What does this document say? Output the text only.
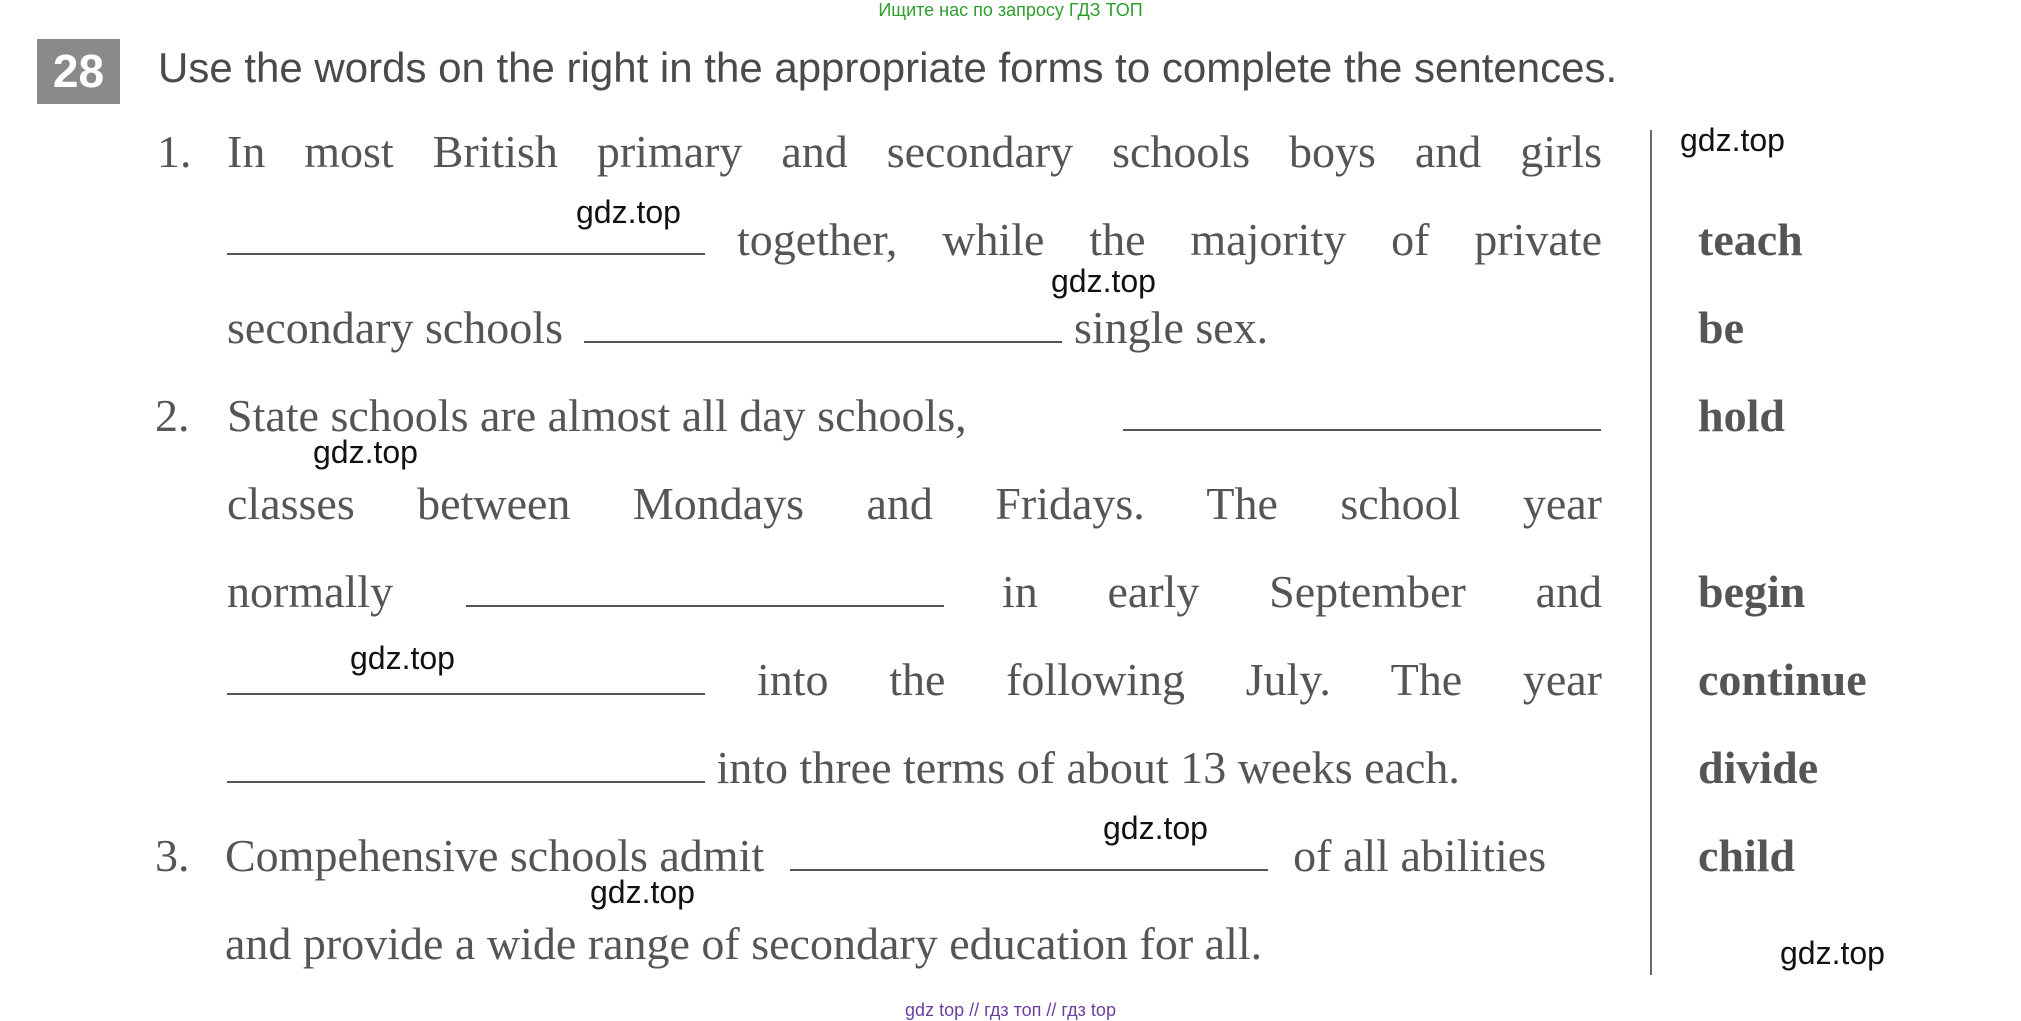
Ищите нас по запросу ГДЗ ТОП
28	Use the words on the right in the appropriate forms to complete the sentences.
1. In most British primary and secondary schools boys and girls
together, while the majority of private
secondary schools	single sex.
2. State schools are almost all day schools,
classes between Mondays and Fridays. The school year
normally	in early September and
into the following July. The year
into three terms of about 13 weeks each.
3. Compehensive schools admit	of all abilities
and provide a wide range of secondary education for all.
teach
be
hold
begin
continue
divide
child
gdz.top
gdz.top
gdz.top
gdz.top
gdz.top
gdz.top
gdz.top
gdz.top
gdz top // гдз топ // гдз top
